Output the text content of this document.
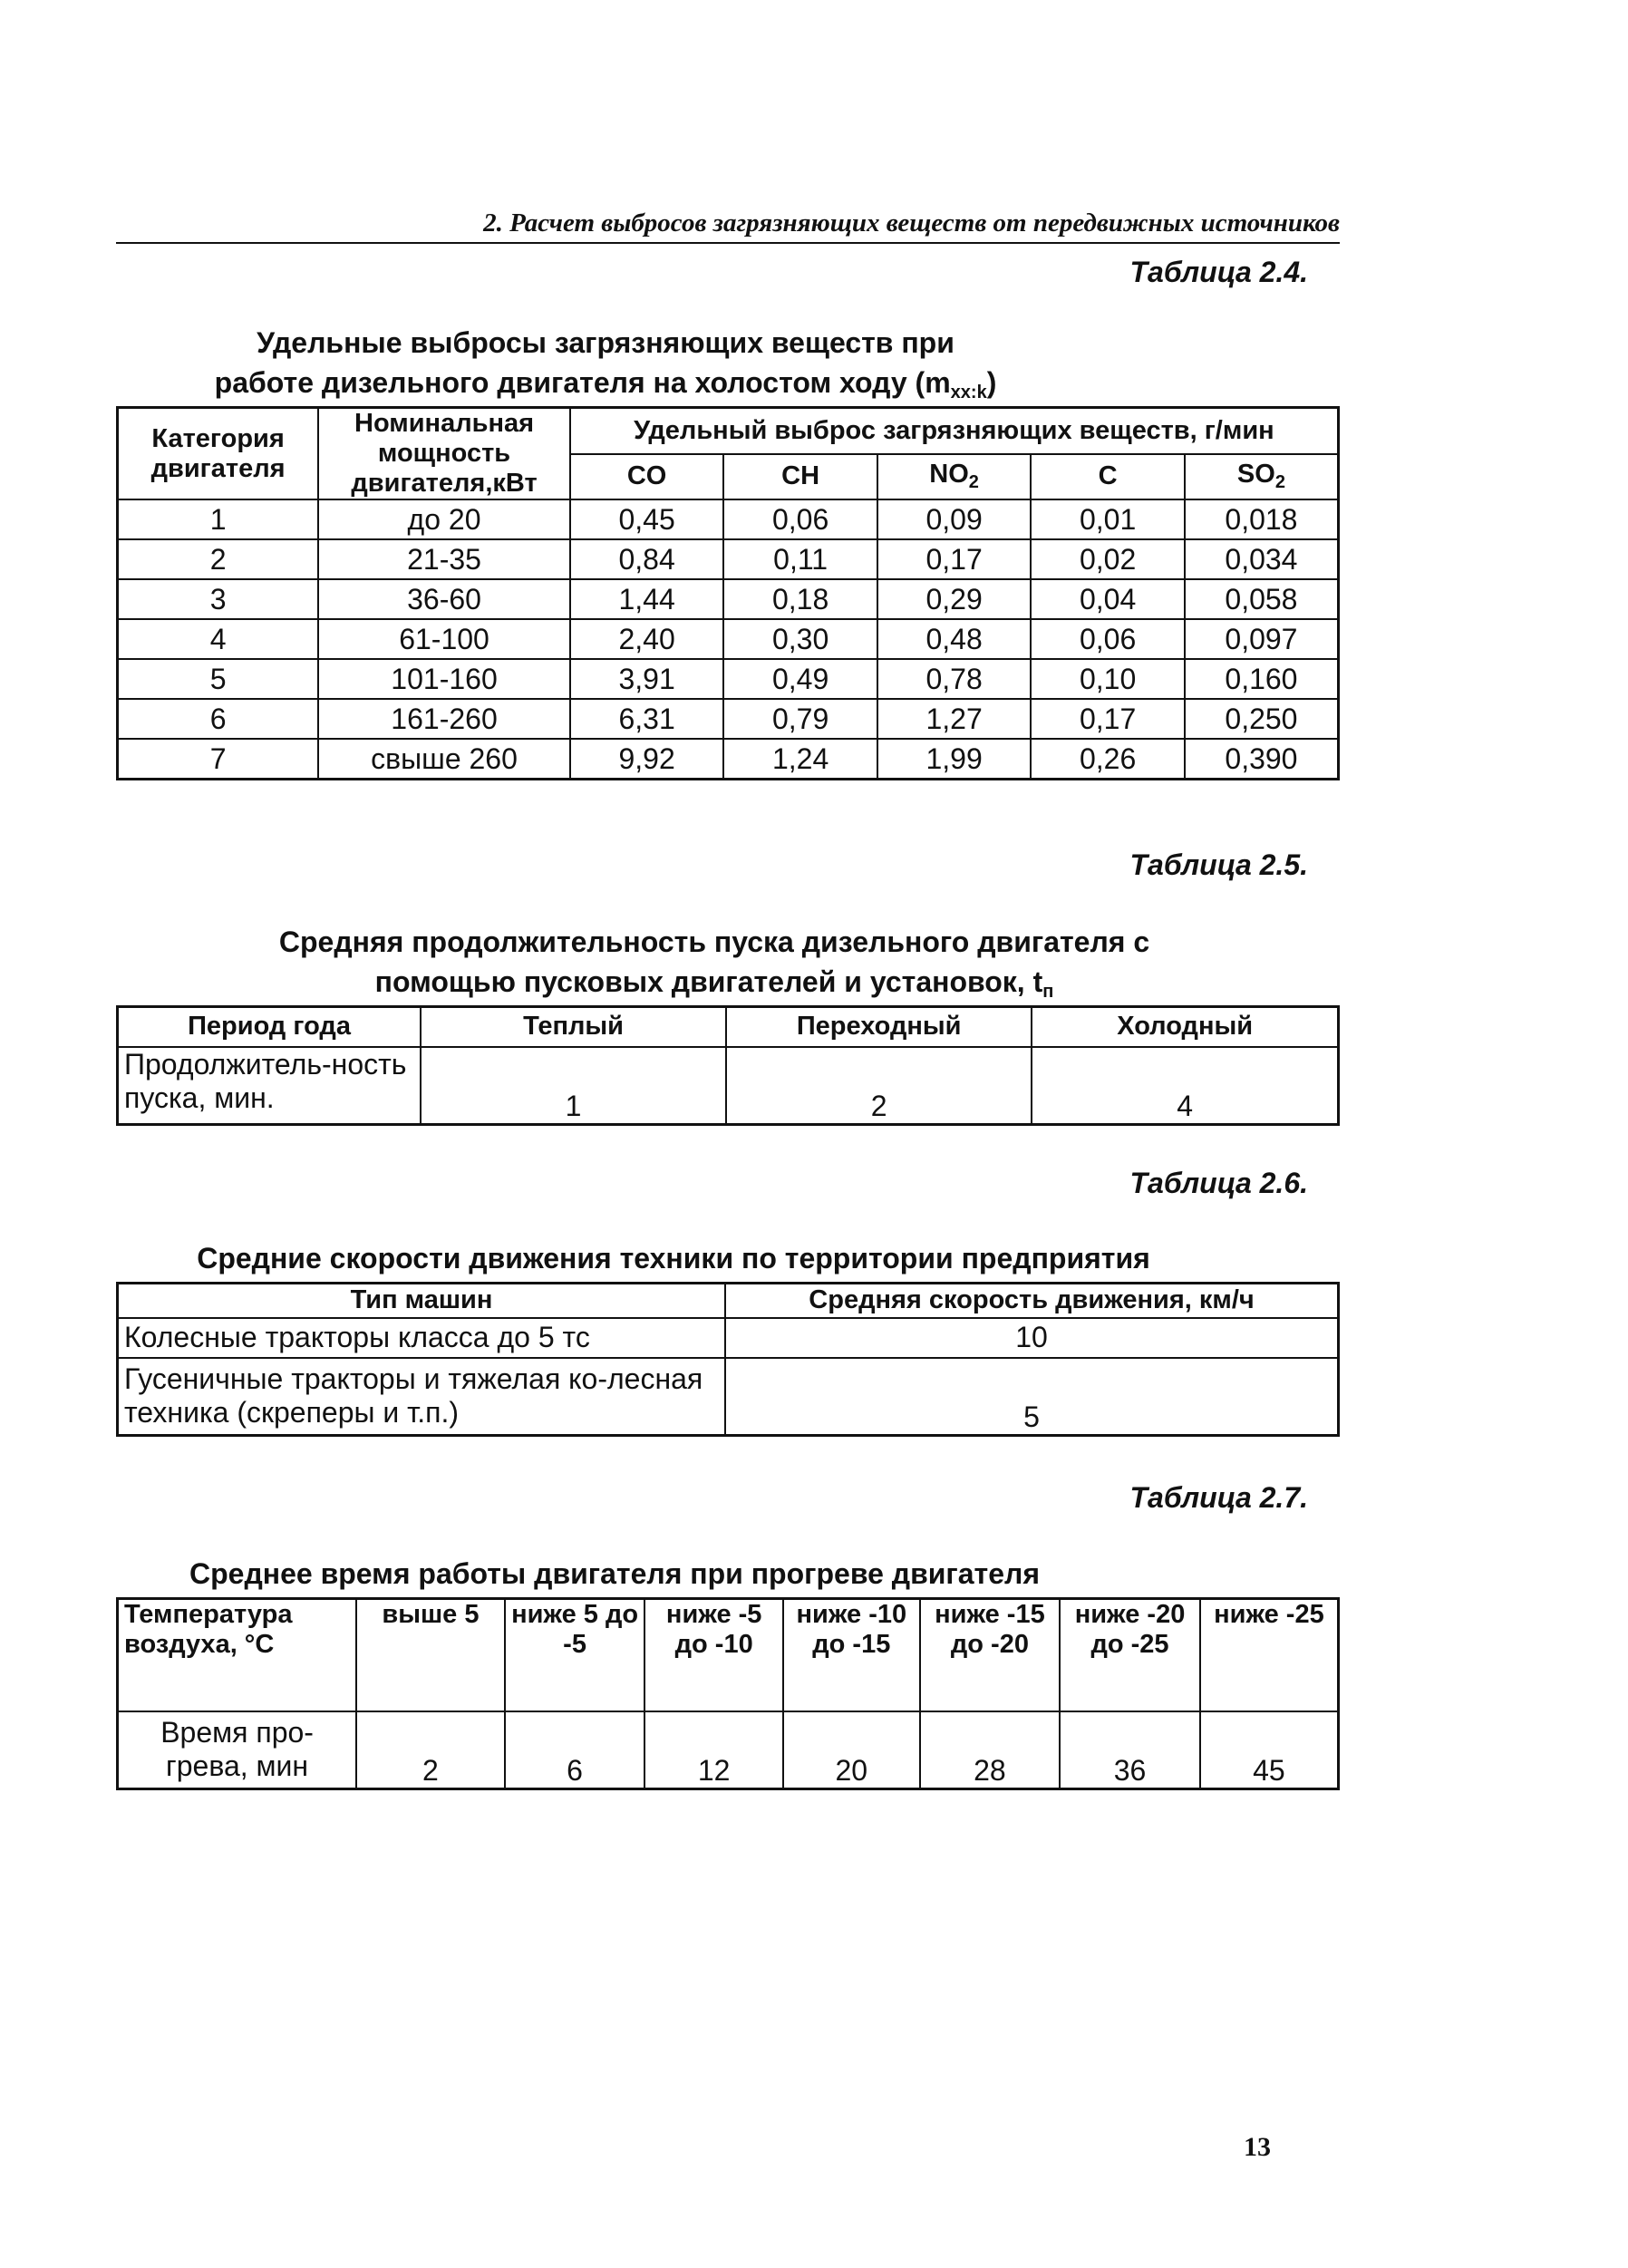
2. Расчет выбросов загрязняющих веществ от передвижных источников
Таблица 2.4.
Удельные выбросы загрязняющих веществ при
работе дизельного двигателя на холостом ходу (mxx:k)
Категория двигателя	Номинальная мощность двигателя,кВт	Удельный выброс загрязняющих веществ, г/мин				
		CO	CH	$NO_2$	C	$SO_2$
1	до 20	0,45	0,06	0,09	0,01	0,018
2	21-35	0,84	0,11	0,17	0,02	0,034
3	36-60	1,44	0,18	0,29	0,04	0,058
4	61-100	2,40	0,30	0,48	0,06	0,097
5	101-160	3,91	0,49	0,78	0,10	0,160
6	161-260	6,31	0,79	1,27	0,17	0,250
7	свыше 260	9,92	1,24	1,99	0,26	0,390
Таблица 2.5.
Средняя продолжительность пуска дизельного двигателя с
помощью пусковых двигателей и установок, tп
Период года	Теплый	Переходный	Холодный
Продолжитель-ность пуска, мин.	1	2	4
Таблица 2.6.
Средние скорости движения техники по территории предприятия
Тип машин	Средняя скорость движения, км/ч
Колесные тракторы класса до 5 тс	10
Гусеничные тракторы и тяжелая ко-лесная техника (скреперы и т.п.)	5
Таблица 2.7.
Среднее время работы двигателя при прогреве двигателя
Температура воздуха, °С	выше 5	ниже 5 до -5	ниже -5 до -10	ниже -10 до -15	ниже -15 до -20	ниже -20 до -25	ниже -25
Время про-грева, мин	2	6	12	20	28	36	45
13
